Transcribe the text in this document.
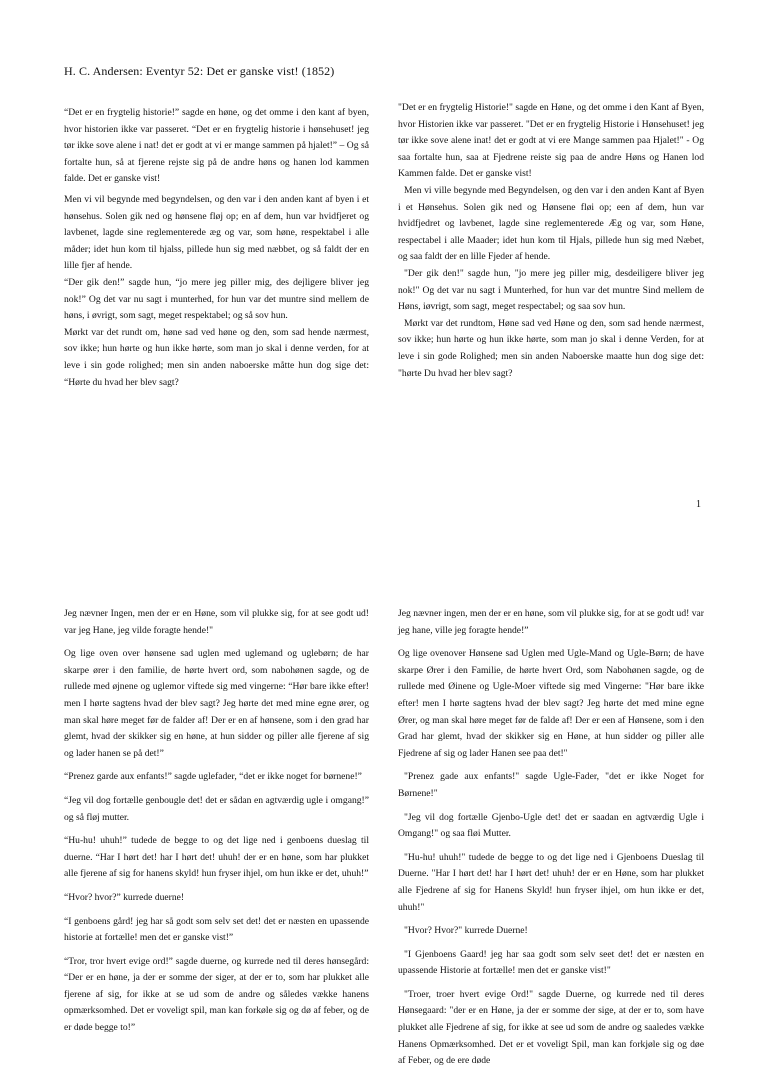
H. C. Andersen: Eventyr 52: Det er ganske vist! (1852)

“Det er en frygtelig historie!” sagde en høne, og det omme i den kant af byen, hvor historien ikke var passeret. “Det er en frygtelig historie i hønsehuset! jeg tør ikke sove alene i nat! det er godt at vi er mange sammen på hjalet!” – Og så fortalte hun, så at fjerene rejste sig på de andre høns og hanen lod kammen falde. Det er ganske vist!

Men vi vil begynde med begyndelsen, og den var i den anden kant af byen i et hønsehus. Solen gik ned og hønsene fløj op; en af dem, hun var hvidfjeret og lavbenet, lagde sine reglementerede æg og var, som høne, respektabel i alle måder; idet hun kom til hjalss, pillede hun sig med næbbet, og så faldt der en lille fjer af hende.

“Der gik den!” sagde hun, “jo mere jeg piller mig, des dejligere bliver jeg nok!” Og det var nu sagt i munterhed, for hun var det muntre sind mellem de høns, i øvrigt, som sagt, meget respektabel; og så sov hun.

Mørkt var det rundt om, høne sad ved høne og den, som sad hende nærmest, sov ikke; hun hørte og hun ikke hørte, som man jo skal i denne verden, for at leve i sin gode rolighed; men sin anden naboerske måtte hun dog sige det: “Hørte du hvad her blev sagt?

"Det er en frygtelig Historie!" sagde en Høne, og det omme i den Kant af Byen, hvor Historien ikke var passeret. "Det er en frygtelig Historie i Hønsehuset! jeg tør ikke sove alene inat! det er godt at vi ere Mange sammen paa Hjalet!" - Og saa fortalte hun, saa at Fjedrene reiste sig paa de andre Høns og Hanen lod Kammen falde. Det er ganske vist!

Men vi ville begynde med Begyndelsen, og den var i den anden Kant af Byen i et Hønsehus. Solen gik ned og Hønsene fløi op; een af dem, hun var hvidfjedret og lavbenet, lagde sine reglementerede Æg og var, som Høne, respectabel i alle Maader; idet hun kom til Hjals, pillede hun sig med Næbet, og saa faldt der en lille Fjeder af hende.

"Der gik den!" sagde hun, "jo mere jeg piller mig, desdeiligere bliver jeg nok!" Og det var nu sagt i Munterhed, for hun var det muntre Sind mellem de Høns, iøvrigt, som sagt, meget respectabel; og saa sov hun.

Mørkt var det rundtom, Høne sad ved Høne og den, som sad hende nærmest, sov ikke; hun hørte og hun ikke hørte, som man jo skal i denne Verden, for at leve i sin gode Rolighed; men sin anden Naboerske maatte hun dog sige det: "hørte Du hvad her blev sagt?

1

Jeg nævner Ingen, men der er en Høne, som vil plukke sig, for at see godt ud! var jeg Hane, jeg vilde foragte hende!"

Og lige oven over hønsene sad uglen med uglemand og uglebørn; de har skarpe ører i den familie, de hørte hvert ord, som nabohønen sagde, og de rullede med øjnene og uglemor viftede sig med vingerne: “Hør bare ikke efter! men I hørte sagtens hvad der blev sagt? Jeg hørte det med mine egne ører, og man skal høre meget før de falder af! Der er en af hønsene, som i den grad har glemt, hvad der skikker sig en høne, at hun sidder og piller alle fjerene af sig og lader hanen se på det!”

“Prenez garde aux enfants!” sagde uglefader, “det er ikke noget for børnene!”

“Jeg vil dog fortælle genbougle det! det er sådan en agtværdig ugle i omgang!” og så fløj mutter.

“Hu-hu! uhuh!” tudede de begge to og det lige ned i genboens dueslag til duerne. “Har I hørt det! har I hørt det! uhuh! der er en høne, som har plukket alle fjerene af sig for hanens skyld! hun fryser ihjel, om hun ikke er det, uhuh!”

“Hvor? hvor?” kurrede duerne!

“I genboens gård! jeg har så godt som selv set det! det er næsten en upassende historie at fortælle! men det er ganske vist!”

“Tror, tror hvert evige ord!” sagde duerne, og kurrede ned til deres hønsegård: “Der er en høne, ja der er somme der siger, at der er to, som har plukket alle fjerene af sig, for ikke at se ud som de andre og således vække hanens opmærksomhed. Det er voveligt spil, man kan forkøle sig og dø af feber, og de er døde begge to!”

Jeg nævner ingen, men der er en høne, som vil plukke sig, for at se godt ud! var jeg hane, ville jeg foragte hende!”

Og lige ovenover Hønsene sad Uglen med Ugle-Mand og Ugle-Børn; de have skarpe Ører i den Familie, de hørte hvert Ord, som Nabohønen sagde, og de rullede med Øinene og Ugle-Moer viftede sig med Vingerne: "Hør bare ikke efter! men I hørte sagtens hvad der blev sagt? Jeg hørte det med mine egne Ører, og man skal høre meget før de falde af! Der er een af Hønsene, som i den Grad har glemt, hvad der skikker sig en Høne, at hun sidder og piller alle Fjedrene af sig og lader Hanen see paa det!"

"Prenez gade aux enfants!" sagde Ugle-Fader, "det er ikke Noget for Børnene!"

"Jeg vil dog fortælle Gjenbo-Ugle det! det er saadan en agtværdig Ugle i Omgang!" og saa fløi Mutter.

"Hu-hu! uhuh!" tudede de begge to og det lige ned i Gjenboens Dueslag til Duerne. "Har I hørt det! har I hørt det! uhuh! der er en Høne, som har plukket alle Fjedrene af sig for Hanens Skyld! hun fryser ihjel, om hun ikke er det, uhuh!"

"Hvor? Hvor?" kurrede Duerne!

"I Gjenboens Gaard! jeg har saa godt som selv seet det! det er næsten en upassende Historie at fortælle! men det er ganske vist!"

"Troer, troer hvert evige Ord!" sagde Duerne, og kurrede ned til deres Hønsegaard: "der er en Høne, ja der er somme der sige, at der er to, som have plukket alle Fjedrene af sig, for ikke at see ud som de andre og saaledes vække Hanens Opmærksomhed. Det er et voveligt Spil, man kan forkjøle sig og døe af Feber, og de ere døde
